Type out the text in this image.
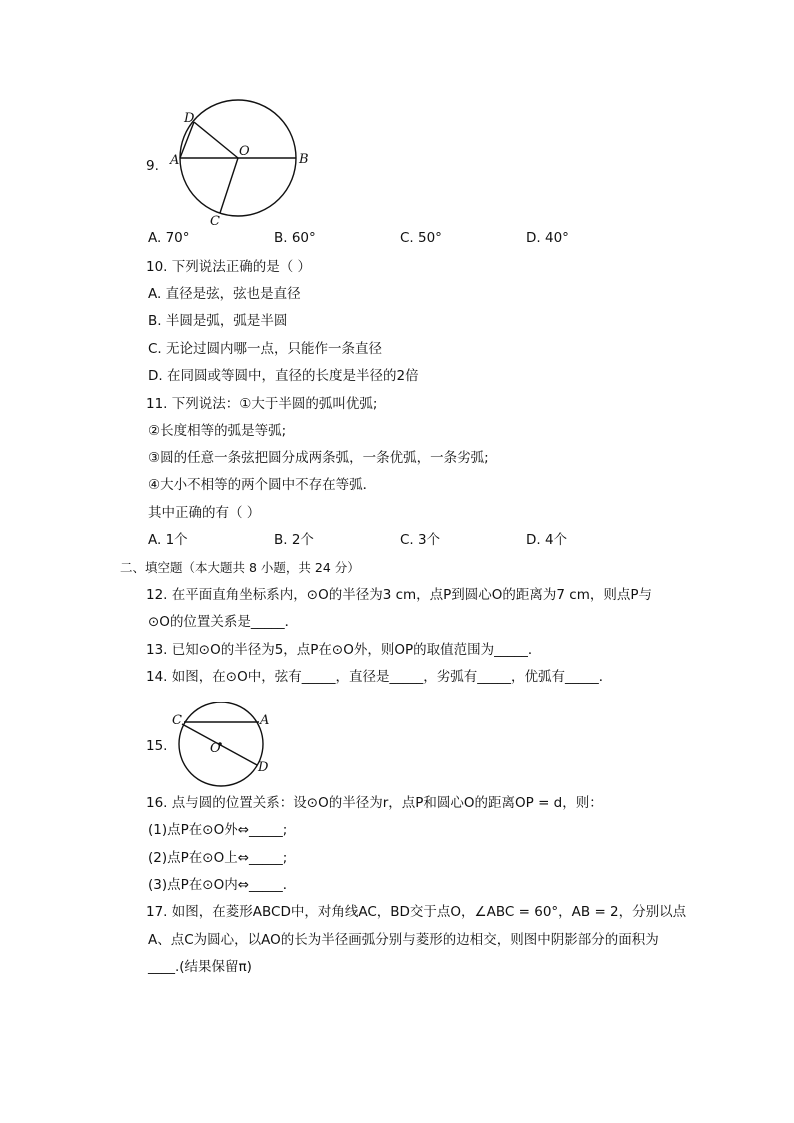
9.
D
A
O
B
C
A. 70°	B. 60°	C. 50°	D. 40°
10. 下列说法正确的是（ ）
A. 直径是弦，弦也是直径
B. 半圆是弧，弧是半圆
C. 无论过圆内哪一点，只能作一条直径
D. 在同圆或等圆中，直径的长度是半径的2倍
11. 下列说法：①大于半圆的弧叫优弧;
②长度相等的弧是等弧;
③圆的任意一条弦把圆分成两条弧，一条优弧，一条劣弧;
④大小不相等的两个圆中不存在等弧．
其中正确的有（ ）
A. 1个	B. 2个	C. 3个	D. 4个
二、填空题（本大题共 8 小题，共 24 分）
12. 在平面直角坐标系内，⊙O的半径为3 cm，点P到圆心O的距离为7 cm，则点P与
⊙O的位置关系是_____．
13. 已知⊙O的半径为5，点P在⊙O外，则OP的取值范围为_____．
14. 如图，在⊙O中，弦有_____，直径是_____，劣弧有_____，优弧有_____．
15.
C	A
O
D
16. 点与圆的位置关系：设⊙O的半径为r，点P和圆心O的距离OP = d，则：
(1)点P在⊙O外⇔_____;
(2)点P在⊙O上⇔_____;
(3)点P在⊙O内⇔_____．
17. 如图，在菱形ABCD中，对角线AC，BD交于点O，∠ABC = 60°，AB = 2，分别以点
A、点C为圆心，以AO的长为半径画弧分别与菱形的边相交，则图中阴影部分的面积为
____.(结果保留π)
